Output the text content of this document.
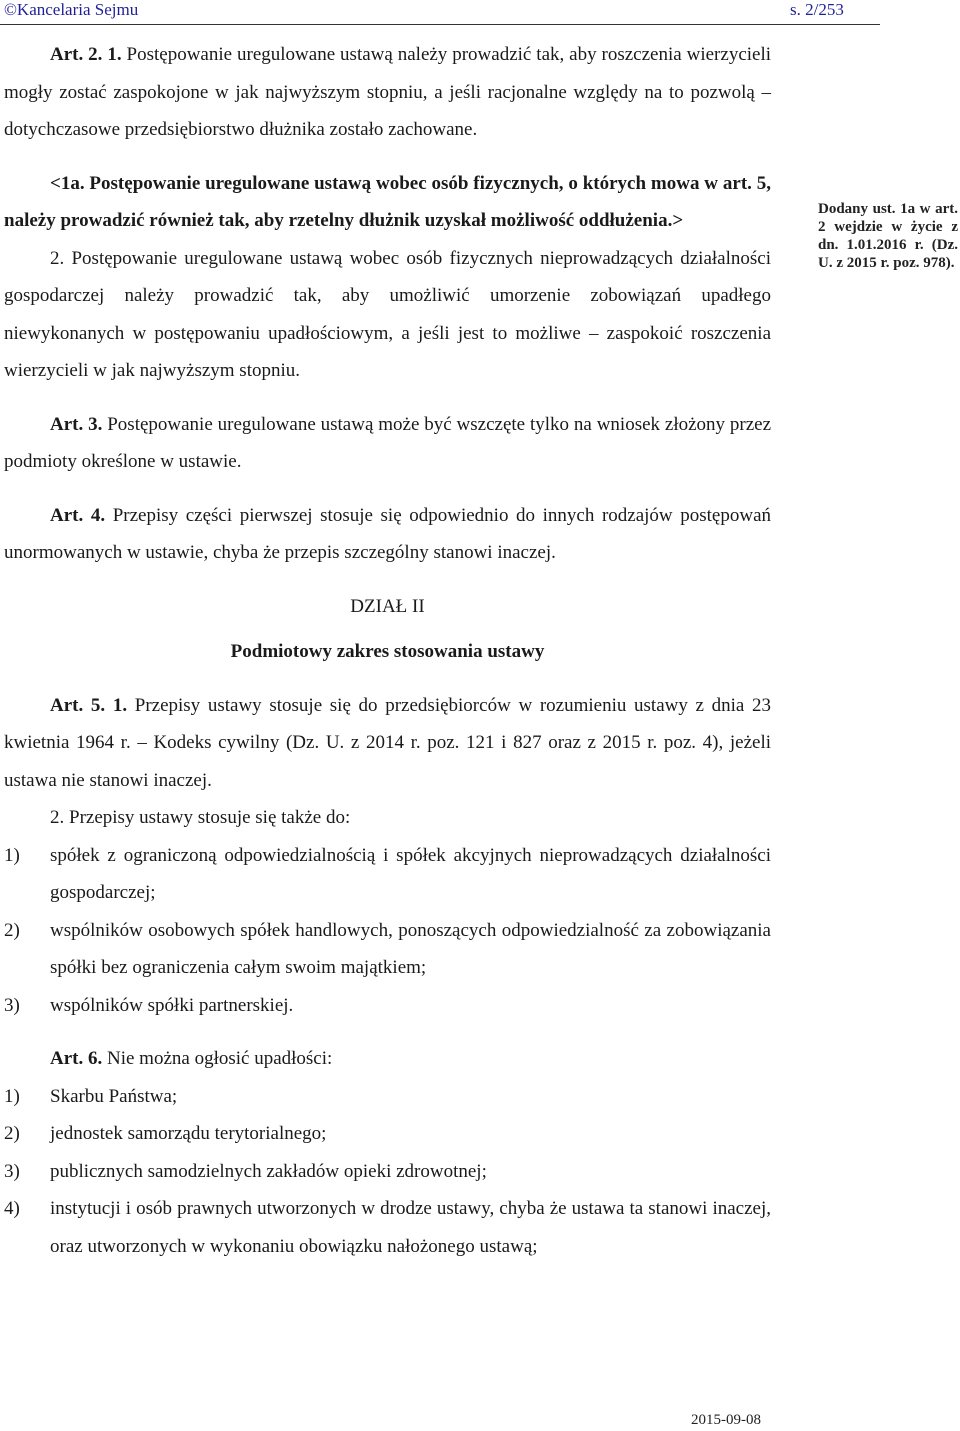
©Kancelaria Sejmu	s. 2/253

Art. 2. 1. Postępowanie uregulowane ustawą należy prowadzić tak, aby roszczenia wierzycieli mogły zostać zaspokojone w jak najwyższym stopniu, a jeśli racjonalne względy na to pozwolą – dotychczasowe przedsiębiorstwo dłużnika zostało zachowane.

<1a. Postępowanie uregulowane ustawą wobec osób fizycznych, o których mowa w art. 5, należy prowadzić również tak, aby rzetelny dłużnik uzyskał możliwość oddłużenia.>

2. Postępowanie uregulowane ustawą wobec osób fizycznych nieprowadzących działalności gospodarczej należy prowadzić tak, aby umożliwić umorzenie zobowiązań upadłego niewykonanych w postępowaniu upadłościowym, a jeśli jest to możliwe – zaspokoić roszczenia wierzycieli w jak najwyższym stopniu.

Art. 3. Postępowanie uregulowane ustawą może być wszczęte tylko na wniosek złożony przez podmioty określone w ustawie.

Art. 4. Przepisy części pierwszej stosuje się odpowiednio do innych rodzajów postępowań unormowanych w ustawie, chyba że przepis szczególny stanowi inaczej.

DZIAŁ II

Podmiotowy zakres stosowania ustawy

Art. 5. 1. Przepisy ustawy stosuje się do przedsiębiorców w rozumieniu ustawy z dnia 23 kwietnia 1964 r. – Kodeks cywilny (Dz. U. z 2014 r. poz. 121 i 827 oraz z 2015 r. poz. 4), jeżeli ustawa nie stanowi inaczej.

2. Przepisy ustawy stosuje się także do:

1) spółek z ograniczoną odpowiedzialnością i spółek akcyjnych nieprowadzących działalności gospodarczej;
2) wspólników osobowych spółek handlowych, ponoszących odpowiedzialność za zobowiązania spółki bez ograniczenia całym swoim majątkiem;
3) wspólników spółki partnerskiej.

Art. 6. Nie można ogłosić upadłości:

1) Skarbu Państwa;
2) jednostek samorządu terytorialnego;
3) publicznych samodzielnych zakładów opieki zdrowotnej;
4) instytucji i osób prawnych utworzonych w drodze ustawy, chyba że ustawa ta stanowi inaczej, oraz utworzonych w wykonaniu obowiązku nałożonego ustawą;
Dodany ust. 1a w art. 2 wejdzie w życie z dn. 1.01.2016 r. (Dz. U. z 2015 r. poz. 978).
2015-09-08
